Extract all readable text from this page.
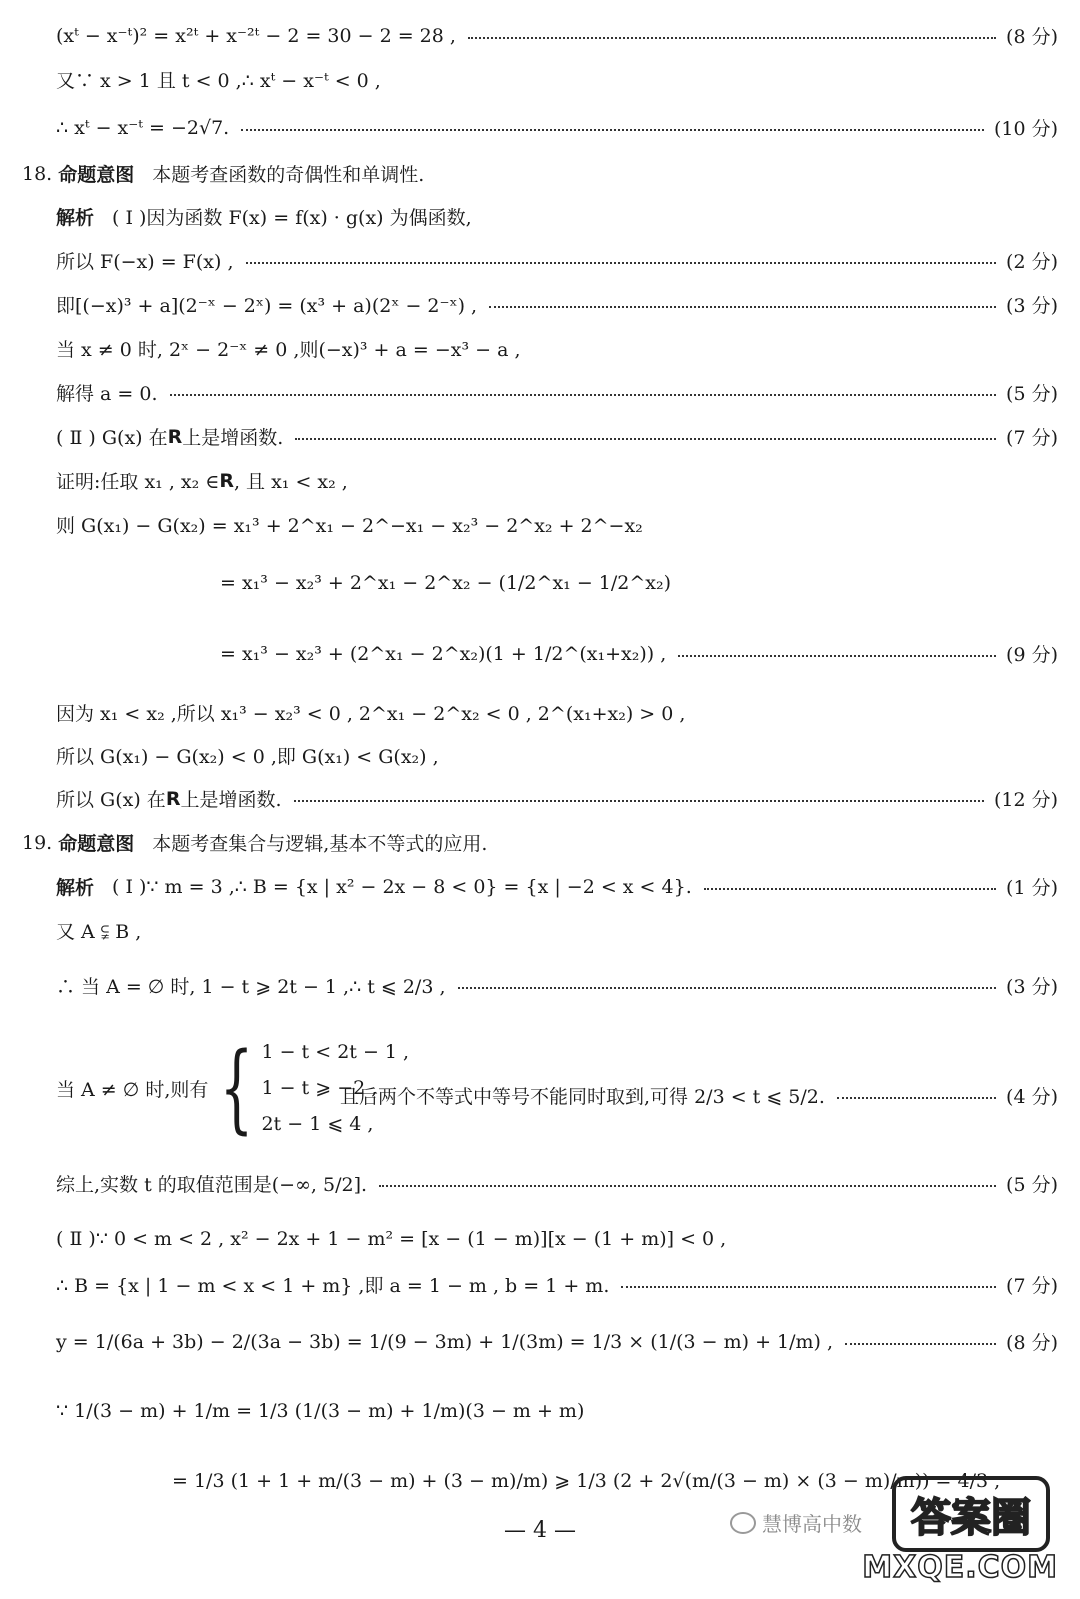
(xᵗ − x⁻ᵗ)² = x²ᵗ + x⁻²ᵗ − 2 = 30 − 2 = 28 ,	(8 分)
又∵ x > 1 且 t < 0 ,∴ xᵗ − x⁻ᵗ < 0 ,
∴ xᵗ − x⁻ᵗ = −2√7.	(10 分)
18.
命题意图 本题考查函数的奇偶性和单调性.
解析 ( Ⅰ )因为函数 F(x) = f(x) · g(x) 为偶函数,
所以 F(−x) = F(x) ,	(2 分)
即[(−x)³ + a](2⁻ˣ − 2ˣ) = (x³ + a)(2ˣ − 2⁻ˣ) ,	(3 分)
当 x ≠ 0 时, 2ˣ − 2⁻ˣ ≠ 0 ,则(−x)³ + a = −x³ − a ,
解得 a = 0.	(5 分)
( Ⅱ ) G(x) 在 R 上是增函数.	(7 分)
证明:任取 x₁ , x₂ ∈ R , 且 x₁ < x₂ ,
则 G(x₁) − G(x₂) = x₁³ + 2^x₁ − 2^−x₁ − x₂³ − 2^x₂ + 2^−x₂
= x₁³ − x₂³ + 2^x₁ − 2^x₂ − (1/2^x₁ − 1/2^x₂)
= x₁³ − x₂³ + (2^x₁ − 2^x₂)(1 + 1/2^(x₁+x₂)) ,	(9 分)
因为 x₁ < x₂ ,所以 x₁³ − x₂³ < 0 , 2^x₁ − 2^x₂ < 0 , 2^(x₁+x₂) > 0 ,
所以 G(x₁) − G(x₂) < 0 ,即 G(x₁) < G(x₂) ,
所以 G(x) 在 R 上是增函数.	(12 分)
19.
命题意图 本题考查集合与逻辑,基本不等式的应用.
解析 ( Ⅰ )∵ m = 3 ,∴ B = {x | x² − 2x − 8 < 0} = {x | −2 < x < 4}.	(1 分)
又 A ⫋ B ,
∴ 当 A = ∅ 时, 1 − t ⩾ 2t − 1 ,∴ t ⩽ 2/3 ,	(3 分)
当 A ≠ ∅ 时,则有 { 1 − t < 2t − 1 ,
1 − t ⩾ −2 ,
2t − 1 ⩽ 4 ,
且后两个不等式中等号不能同时取到,可得 2/3 < t ⩽ 5/2.	(4 分)
综上,实数 t 的取值范围是(−∞, 5/2].	(5 分)
( Ⅱ )∵ 0 < m < 2 , x² − 2x + 1 − m² = [x − (1 − m)][x − (1 + m)] < 0 ,
∴ B = {x | 1 − m < x < 1 + m} ,即 a = 1 − m , b = 1 + m.	(7 分)
y = 1/(6a + 3b) − 2/(3a − 3b) = 1/(9 − 3m) + 1/(3m) = 1/3 × (1/(3 − m) + 1/m) ,	(8 分)
∵ 1/(3 − m) + 1/m = 1/3 (1/(3 − m) + 1/m)(3 − m + m)
= 1/3 (1 + 1 + m/(3 − m) + (3 − m)/m) ⩾ 1/3 (2 + 2√(m/(3 − m) × (3 − m)/m)) = 4/3 ,
— 4 —	慧博高中数	答案圈
MXQE.COM
